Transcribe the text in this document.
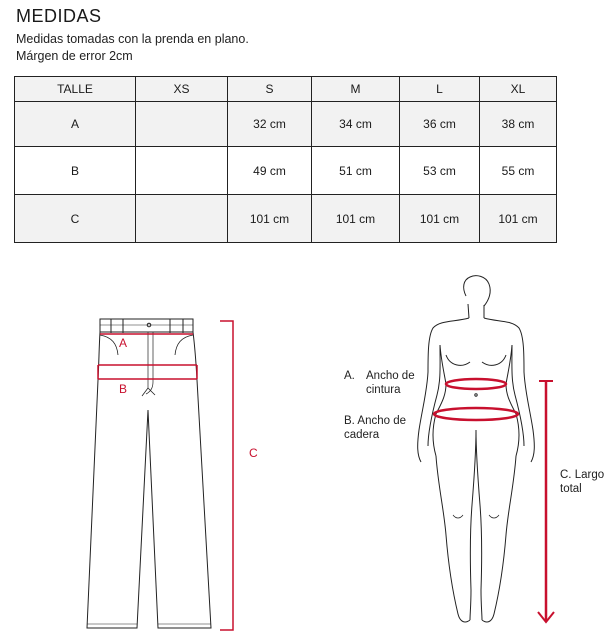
MEDIDAS
Medidas tomadas con la prenda en plano.
Márgen de error 2cm
TALLE	XS	S	M	L	XL
A		32 cm	34 cm	36 cm	38 cm
B		49 cm	51 cm	53 cm	55 cm
C		101 cm	101 cm	101 cm	101 cm
A
B
C
A. Ancho de
cintura
B. Ancho de
cadera
C. Largo
total
